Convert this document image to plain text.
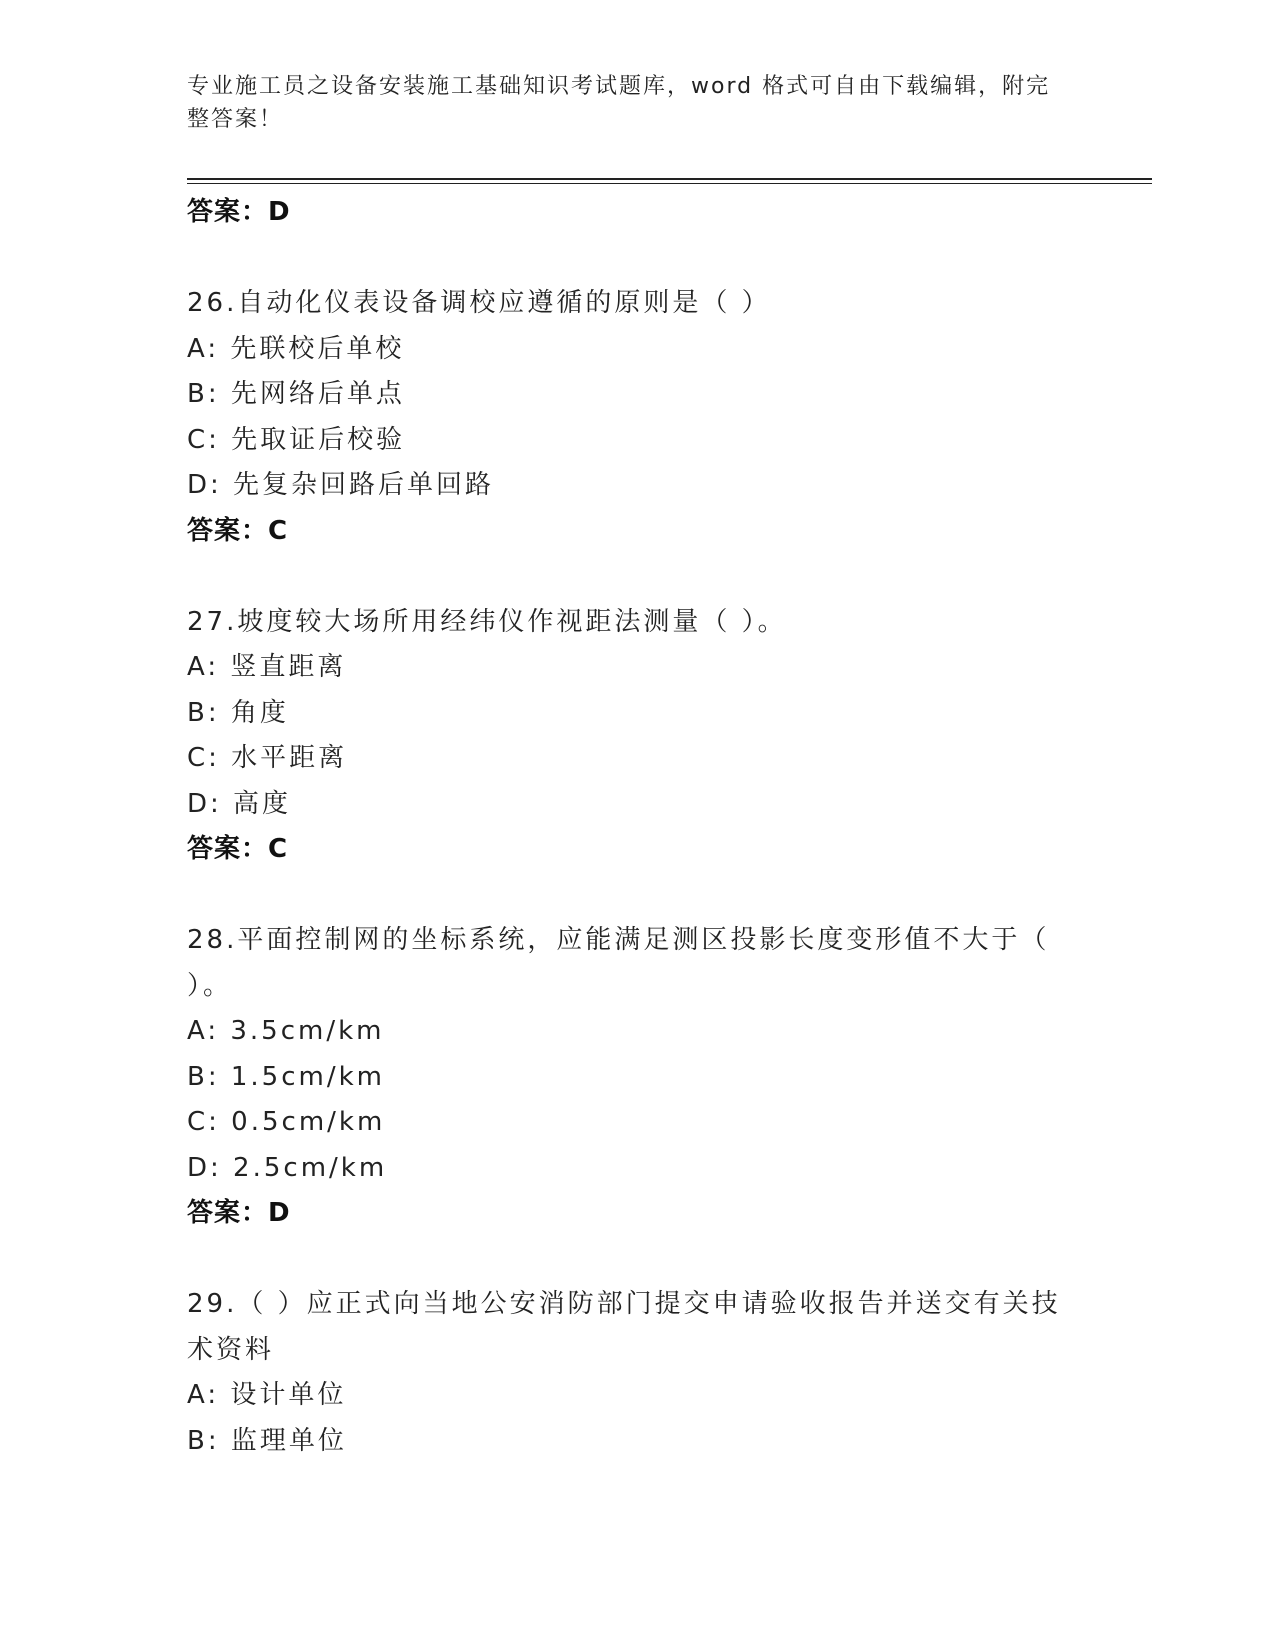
专业施工员之设备安装施工基础知识考试题库，word 格式可自由下载编辑，附完整答案！
答案：D
26.自动化仪表设备调校应遵循的原则是（ ）
A: 先联校后单校
B: 先网络后单点
C: 先取证后校验
D: 先复杂回路后单回路
答案：C
27.坡度较大场所用经纬仪作视距法测量（ ）。
A: 竖直距离
B: 角度
C: 水平距离
D: 高度
答案：C
28.平面控制网的坐标系统，应能满足测区投影长度变形值不大于（ ）。
A: 3.5cm/km
B: 1.5cm/km
C: 0.5cm/km
D: 2.5cm/km
答案：D
29.（ ）应正式向当地公安消防部门提交申请验收报告并送交有关技术资料
A: 设计单位
B: 监理单位
